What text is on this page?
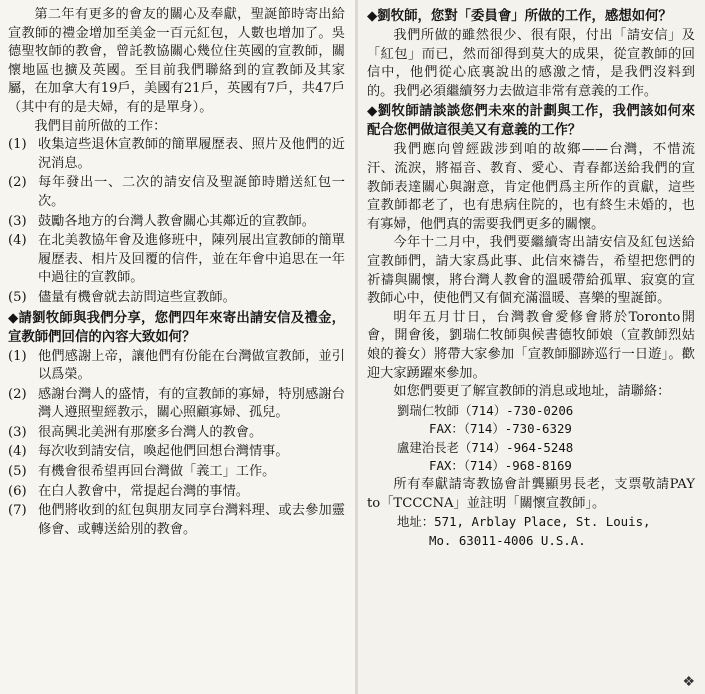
第二年有更多的會友的關心及奉獻，聖誕節時寄出給宣教師的禮金增加至美金一百元紅包，人數也增加了。吳德聖牧師的教會，曾託教協關心幾位住英國的宣教師，關懷地區也擴及英國。至目前我們聯絡到的宣教師及其家屬，在加拿大有19戶，美國有21戶，英國有7戶，共47戶（其中有的是夫婦，有的是單身）。

我們目前所做的工作：

(1) 收集這些退休宣教師的簡單履歷表、照片及他們的近況消息。
(2) 每年發出一、二次的請安信及聖誕節時贈送紅包一次。
(3) 鼓勵各地方的台灣人教會關心其鄰近的宣教師。
(4) 在北美教協年會及進修班中，陳列展出宣教師的簡單履歷表、相片及回覆的信件，並在年會中追思在一年中過往的宣教師。
(5) 儘量有機會就去訪問這些宣教師。

◆請劉牧師與我們分享，您們四年來寄出請安信及禮金，宣教師們回信的內容大致如何？

(1) 他們感謝上帝，讓他們有份能在台灣做宣教師，並引以爲榮。
(2) 感謝台灣人的盛情，有的宣教師的寡婦，特別感謝台灣人遵照聖經教示，關心照顧寡婦、孤兒。
(3) 很高興北美洲有那麼多台灣人的教會。
(4) 每次收到請安信，喚起他們回想台灣情事。
(5) 有機會很希望再回台灣做「義工」工作。
(6) 在白人教會中，常提起台灣的事情。
(7) 他們將收到的紅包與朋友同享台灣料理、或去參加靈修會、或轉送給別的教會。

◆劉牧師，您對「委員會」所做的工作，感想如何？

我們所做的雖然很少、很有限，付出「請安信」及「紅包」而已，然而卻得到莫大的成果，從宣教師的回信中，他們從心底裏說出的感激之情，是我們沒料到的。我們必須繼續努力去做這非常有意義的工作。

◆劉牧師請談談您們未來的計劃與工作，我們該如何來配合您們做這很美又有意義的工作？

我們應向曾經跋涉到咱的故鄉——台灣，不惜流汗、流淚，將福音、教育、愛心、青春都送給我們的宣教師表達關心與謝意，肯定他們爲主所作的貢獻，這些宣教師都老了，也有患病住院的，也有終生未婚的，也有寡婦，他們真的需要我們更多的關懷。

今年十二月中，我們要繼續寄出請安信及紅包送給宣教師們，請大家爲此事、此信來禱告，希望把您們的祈禱與關懷，將台灣人教會的溫暖帶給孤單、寂寞的宣教師心中，使他們又有個充滿溫暖、喜樂的聖誕節。

明年五月廿日，台灣教會愛修會將於Toronto開會，開會後，劉瑞仁牧師與候書德牧師娘（宣教師烈姑娘的養女）將帶大家參加「宣教師腳跡巡行一日遊」。歡迎大家踴躍來參加。

如您們要更了解宣教師的消息或地址，請聯絡：

劉瑞仁牧師（714）-730-0206
FAX：（714）-730-6329
盧建治長老（714）-964-5248
FAX：（714）-968-8169

所有奉獻請寄教協會計龔顯男長老，支票敬請PAY to「TCCCNA」並註明「關懷宣教師」。

地址：571, Arblay Place, St. Louis,
Mo. 63011-4006 U.S.A.
❖
